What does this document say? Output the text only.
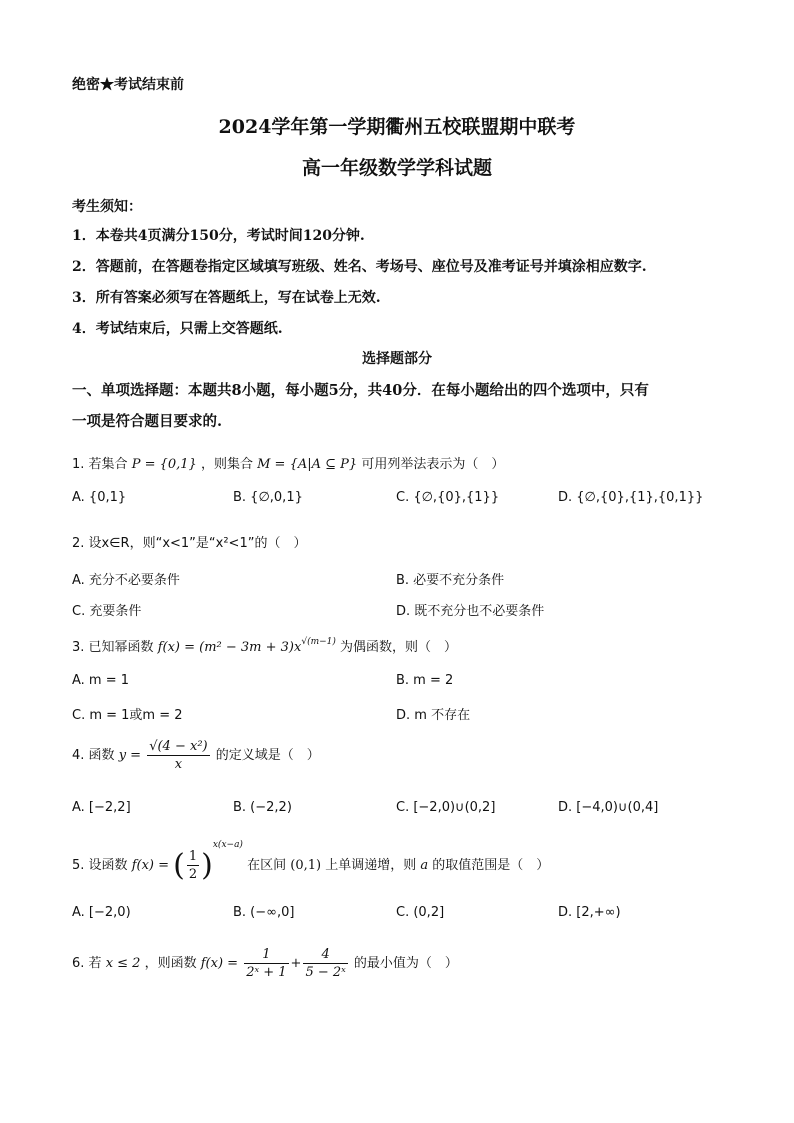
绝密★考试结束前
2024学年第一学期衢州五校联盟期中联考
高一年级数学学科试题
考生须知：
1．本卷共4页满分150分，考试时间120分钟.
2．答题前，在答题卷指定区域填写班级、姓名、考场号、座位号及准考证号并填涂相应数字.
3．所有答案必须写在答题纸上，写在试卷上无效.
4．考试结束后，只需上交答题纸.
选择题部分
一、单项选择题：本题共8小题，每小题5分，共40分．在每小题给出的四个选项中，只有
一项是符合题目要求的.
1. 若集合 P = {0,1} ，则集合 M = {A|A ⊆ P} 可用列举法表示为（　）
A. {0,1}	B. {∅,0,1}	C. {∅,{0},{1}}	D. {∅,{0},{1},{0,1}}
2. 设x∈R，则“x<1”是“x²<1”的（　）
A. 充分不必要条件	B. 必要不充分条件
C. 充要条件	D. 既不充分也不必要条件
3. 已知幂函数 $f(x) = (m^2 - 3m + 3)x^{√(m-1)}$ 为偶函数，则（　）
A. m = 1	B. m = 2
C. m = 1或m = 2	D. m 不存在
4. 函数 $y = \frac{\text{√(4 − x²)}}{x}$ 的定义域是（　）
A. [−2,2]	B. (−2,2)	C. [−2,0)∪(0,2]	D. [−4,0)∪(0,4]
5. 设函数 f(x) = ( $\frac{1}{2} )^{x(x-a)}$ 在区间 (0,1) 上单调递增，则 a 的取值范围是（　）
A. [−2,0)	B. (−∞,0]	C. (0,2]	D. [2,+∞)
6. 若 x ≤ 2 ，则函数 $f(x) = \frac{1}{\text{2ˣ + 1}} + \frac{4}{\text{5 − 2ˣ}}$ 的最小值为（　）
